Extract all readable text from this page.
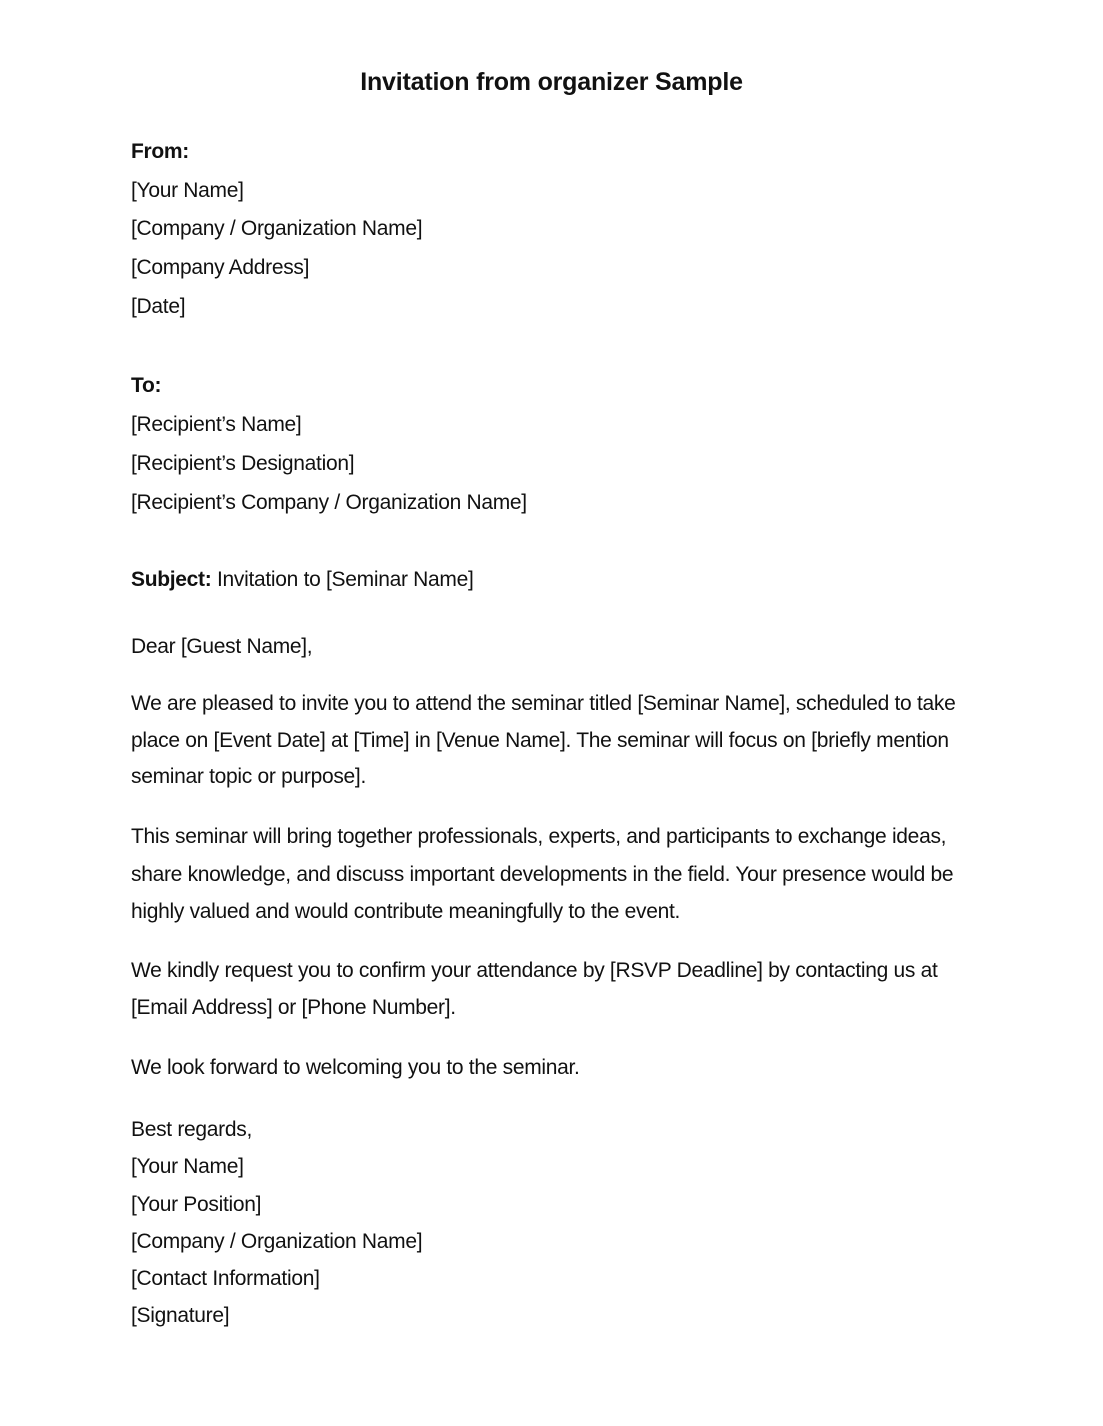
Invitation from organizer Sample
From:
[Your Name]
[Company / Organization Name]
[Company Address]
[Date]
To:
[Recipient’s Name]
[Recipient’s Designation]
[Recipient’s Company / Organization Name]
Subject: Invitation to [Seminar Name]
Dear [Guest Name],
We are pleased to invite you to attend the seminar titled [Seminar Name], scheduled to take
place on [Event Date] at [Time] in [Venue Name]. The seminar will focus on [briefly mention
seminar topic or purpose].
This seminar will bring together professionals, experts, and participants to exchange ideas,
share knowledge, and discuss important developments in the field. Your presence would be
highly valued and would contribute meaningfully to the event.
We kindly request you to confirm your attendance by [RSVP Deadline] by contacting us at
[Email Address] or [Phone Number].
We look forward to welcoming you to the seminar.
Best regards,
[Your Name]
[Your Position]
[Company / Organization Name]
[Contact Information]
[Signature]
